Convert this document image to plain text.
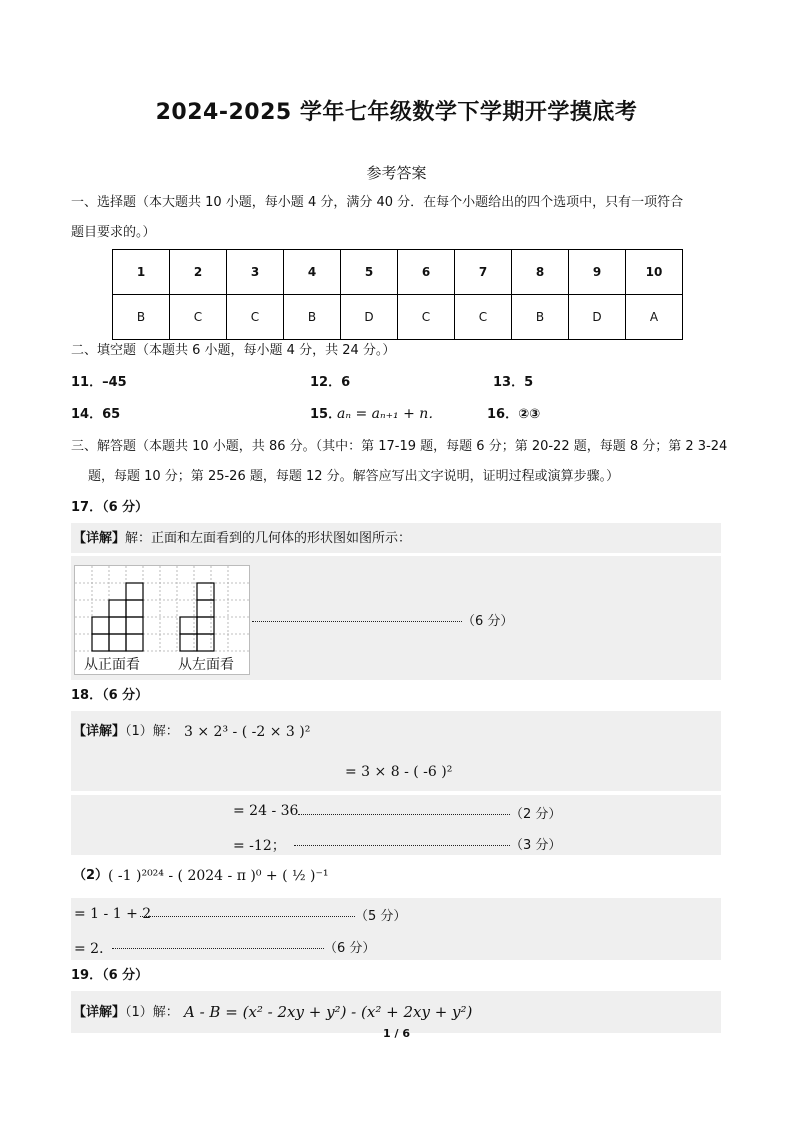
2024-2025 学年七年级数学下学期开学摸底考
参考答案
一、选择题（本大题共 10 小题，每小题 4 分，满分 40 分．在每个小题给出的四个选项中，只有一项符合
题目要求的。）
1	2	3	4	5	6	7	8	9	10
B	C	C	B	D	C	C	B	D	A
二、填空题（本题共 6 小题，每小题 4 分，共 24 分。）
11．–45	12．6	13．5
14．65	15．
aₙ = aₙ₊₁ + n．	16．②③
三、解答题（本题共 10 小题，共 86 分。（其中：第 17-19 题，每题 6 分；第 20-22 题，每题 8 分；第 2 3-24
题，每题 10 分；第 25-26 题，每题 12 分。解答应写出文字说明，证明过程或演算步骤。）
17．（6 分）
【详解】解：正面和左面看到的几何体的形状图如图所示：
从正面看	从左面看
（6 分）
18．（6 分）
【详解】（1）解： 3 × 2³ - ( -2 × 3 )²
= 3 × 8 - ( -6 )²
= 24 - 36	（2 分）
= -12；	（3 分）
（2） ( -1 )²⁰²⁴ - ( 2024 - π )⁰ + ( ½ )⁻¹
= 1 - 1 + 2	（5 分）
= 2．	（6 分）
19．（6 分）
【详解】（1）解： A - B = (x² - 2xy + y²) - (x² + 2xy + y²)
1 / 6
